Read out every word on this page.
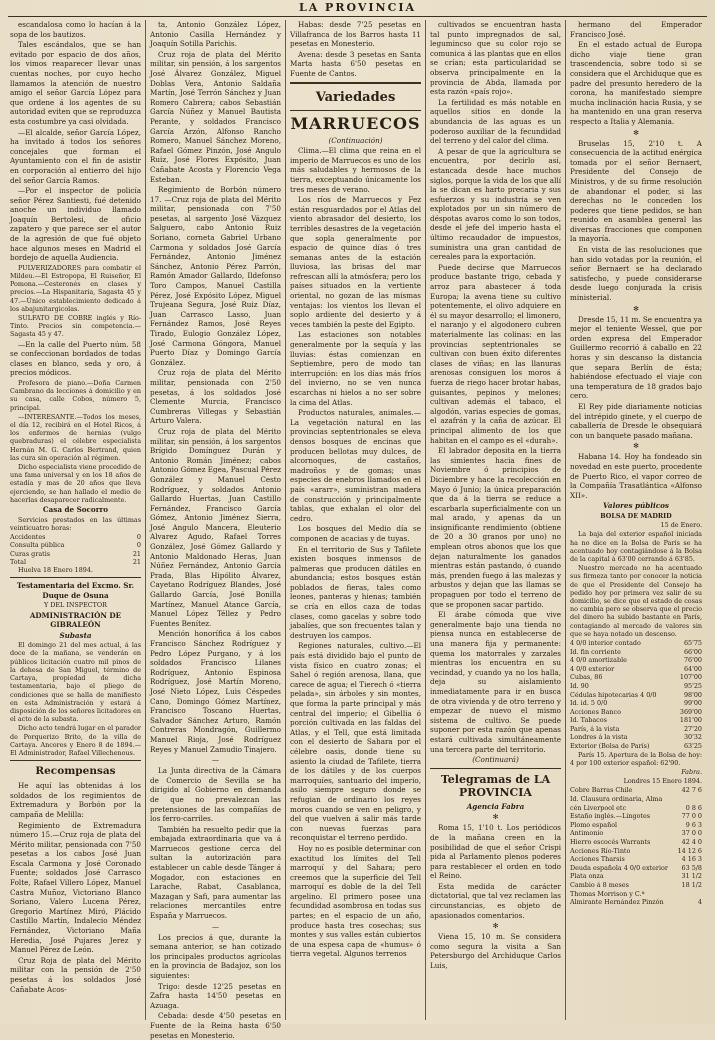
LA PROVINCIA

escandalosa como lo hacían á la sopa de los bautizos.

Tales escándalos, que se han evitado por espacio de dos años, los vimos reaparecer llevar unas cuentas noches, por cuyo hecho llamamos la atención de nuestro amigo el señor García López para que ordene á los agentes de su autoridad eviten que se reproduzca esta costumbre ya casi olvidada.

—El alcalde, señor García López, ha invitado á todos los señores concejales que forman el Ayuntamiento con el fin de asistir en corporación al entierro del hijo del señor García Ramos.

—Por el inspector de policía señor Pérez Santiesti, fué detenido anoche un individuo llamado Joaquín Bertolesi, de oficio zapatero y que parece ser el autor de la agresión de que fué objeto hace algunos meses en Madrid el bordejo de aquella Audiencia.

PULVERIZADORES para combatir el Mildeu.—El Estropopa, El Ruiseñor, El Pomona.—Cesteronés en clases y precios.—La Hispanitaria, Sagasta 45 y 47.—Único establecimiento dedicado á los abajunitargicolas.

SULFATO DE COBRE inglés y Río-Tinto. Precios sin competencia.—Sagasta 45 y 47.

—En la calle del Puerto núm. 58 se confeccionan bordados de todas clases en blanco, seda y oro, á precios módicos.

Profesora de piano.—Doña Carmen Cambrano da lecciones á domicilio y en su casa, calle Cobos, número 5, principal.

—INTERESANTE.—Todos los meses, el día 12, recibirá en el Hotel Ricos, á los enfermos de hernias (vulgo quebraduras) el célebre especialista Hernán M. G. Carlos Bertrand, quien las cura sin operación al régimen.

Dicho especialista viene procedido de una fama universal y en los 18 años de estadía y mas de 20 años que lleva ejerciendo, se han hallado el medio de hacerlas desaparecer radicalmente.

Casa de Socorro

Servicios prestados en las últimas veinticuatro horas:

Accidentes	0
Consulta pública	0
Curas gratis	21
Total	21

Huelva 18 Enero 1894.

Testamentaria del Excmo. Sr. Duque de Osuna

Y DEL INSPECTOR

ADMINISTRACIÓN DE GIBRALEÓN

Subasta

El domingo 21 del mes actual, á las doce de la mañana, se venderán en públicos licitación cuatro mil pinos de la dehesa de San Miguel, término de Cartaya, propiedad de dicha testamentaria, bajo el pliego de condiciones que se halla de manifiesto en esta Administración y estará á disposición de los señores licitadores en el acto de la subasta.

Dicho acto tendrá lugar en el parador de Porquerizo Brito, de la villa de Cartaya. Ancores y Enero 8 de 1894.—El Administrador, Rafael Villechenous.

Recompensas

He aquí las obtenidas á los soldados de los regimientos de Extremadura y Borbón por la campaña de Melilla:

Regimiento de Extremadura número 15.—Cruz roja de plata del Mérito militar, pensionada con 7'50 pesetas a los cabos José Juan Escala Carmona y José Coronado Fuente; soldados José Carrasco Folte, Rafael Villero López, Manuel Castra Muñoz, Victoriano Blanco Soriano, Valero Lucena Pérez, Gregorio Martínez Miró, Plácido Castillo Martín, Indalecio Méndez Fernández, Victoriano Maña Heredia, José Pujares Jerez y Manuel Pérez de León.

Cruz Roja de plata del Mérito militar con la pensión de 2'50 pesetas á los soldados José Cañabate Acos-

ta, Antonio González López, Antonio Casilla Hernández y Joaquín Sotilla Parichis.

Cruz roja de plata del Mérito militar, sin pensión, á los sargentos José Álvarez González, Miguel Doblas Vera, Antonio Saldaña Martín, José Terrón Sánchez y Juan Romero Cabrera; cabos Sebastián García Núñez y Manuel Bautista Perante, y soldados Francisco García Arzón, Alfonso Rancho Romero, Manuel Sánchez Moreno, Rafael Gómez Pinzón, José Angulo Ruiz, José Flores Expósito, Juan Cañabate Acosta y Florencio Vega Esteban.

Regimiento de Borbón número 17. —Cruz roja de plata del Mérito militar, pensionada con 7'50 pesetas, al sargento José Vázquez Salguero, cabo Antonio Ruiz Soriano, corneta Gabriel Urbano Carmona y soldados José García Fernández, Antonio Jiménez Sánchez, Antonio Pérez Parrón, Ramón Amador Gallardo, Ildefonso Toro Campos, Manuel Castilla Pérez, José Expósito López, Miguel Trujeana Segura, José Ruiz Díaz, Juan Carrasco Lasso, Juan Fernández Ramos, José Reyes Tirado, Eulogio González López, José Carmona Góngora, Manuel Puerto Díaz y Domingo García González.

Cruz roja de plata del Mérito militar, pensionada con 2'50 pesetas, á los soldados José Clemente Murcia, Francisco Cumbreras Villegas y Sebastián Arturo Valera.

Cruz roja de plata del Mérito militar, sin pensión, á los sargentos Brígido Domínguez Durán y Antonio Román Jiménez; cabos Antonio Gómez Egea, Pascual Pérez González y Manuel Cesto Rodríguez, y soldados Antonio Gallardo Huertas, Juan Castillo Fernández, Francisco García Gómez, Antonio Jiménez Sierra, José Angulo Mancera, Eleuterio Alvarez Agudo, Rafael Torres González, José Gómez Gallardo y Antonio Maldonado Heras, Juan Núñez Fernández, Antonio García Prada, Blas Hipólito Álvarez, Cayetano Rodríguez Blandes, José Gallardo García, José Bonilla Martínez, Manuel Atance García, Manuel López Téllez y Pedro Fuentes Benítez.

Mención honorífica á los cabos Francisco Sánchez Rodríguez y Pedro López Purgano, y á los soldados Francisco Lilanes Rodríguez, Antonio Espinosa Rodríguez, José Martín Moreno, José Nieto López, Luis Céspedes Cano, Domingo Gómez Martínez, Francisco Toscano Huertas, Salvador Sánchez Arturo, Ramón Contreras Mondragón, Guillermo Manuel Rioja, José Rodríguez Reyes y Manuel Zamudio Tinajero.

—

La Junta directiva de la Cámara de Comercio de Sevilla se ha dirigido al Gobierno en demanda de que no prevalezcan las pretensiones de las compañías de los ferro-carriles.

También ha resuelto pedir que la embajada extraordinaria que va á Marruecos gestione cerca del sultan la autorización para establecer un cable desde Tánger á Mogador, con estaciones en Larache, Rabat, Casablanca, Mazagan y Safi, para aumentar las relaciones mercantiles entre España y Marruecos.

—

Los precios á que, durante la semana anterior, se han cotizado los principales productos agrícolas en la provincia de Badajoz, son los siguientes:

Trigo: desde 12'25 pesetas en Zafra hasta 14'50 pesetas en Azuaga.

Cebada: desde 4'50 pesetas en Fuente de la Reina hasta 6'50 pesetas en Monesterio.

Habas: desde 7'25 pesetas en Villafranca de los Barros hasta 11 pesetas en Monesterio.

Avena: desde 3 pesetas en Santa Marta hasta 6'50 pesetas en Fuente de Cantos.

Variedades
MARRUECOS

(Continuación)

Clima.—El clima que reina en el imperio de Marruecos es uno de los más saludables y hermosos de la tierra, exceptuando únicamente los tres meses de verano.

Los ríos de Marruecos y Fez están resguardados por el Atlas del viento abrasador del desierto, los terribles desastres de la vegetación que sopla generalmente por espacio de quince días ó tres semanas antes de la estación lluviosa, las brisas del mar refrescan allí la atmósfera; pero los países situados en la vertiente oriental, no gozan de las mismas ventajas: los vientos los llevan el soplo ardiente del desierto y á veces también la peste del Egipto.

Las estaciones son notables generalmente por la sequía y las lluvias: éstas comienzan en Septiembre, pero de modo tan interrupción: en los días más fríos del invierno, no se ven nunca escarchas ni hielos a no ser sobre la cima del Atlas.

Productos naturales, animales.—La vegetación natural en las provincias septentrionales se eleva densos bosques de encinas que producen bellotas muy dulces, de alcornoques, de castaños, madroños y de gomas; unas especies de enebros llamados en el país «ararr», suministran madera de construcción y principalmente tablas, que exhalan el olor del cedro.

Los bosques del Medio día se componen de acacias y de tuyas.

En el territorio de Sus y Tafilete existen bosques inmensos de palmeras que producen dátiles en abundancia; estos bosques están poblados de fieras, tales como leones, panteras y hienas; también se cría en ellos caza de todas clases, como gacelas y sobre todo jabalíes, que son frecuentes talan y destruyen los campos.

Regiones naturales, cultivo.—El país está dividido bajo el punto de vista físico en cuatro zonas; el Sahel ó región arenosa, llana, que carece de agua; el Tierech ó «tierra pelada», sin árboles y sin montes, que forma la parte principal y más central del imperio; el Gibellia ó porción cultivada en las faldas del Atlas, y el Tell, que está limitada con el desierto de Sahara por el célebre oasis, donde tiene su asiento la ciudad de Tafilete, tierra de los dátiles y de los cuerpos marroquíes, santuario del imperio, asilo siempre seguro donde se refugian de ordinario los reyes moros cuando se ven en peligro, y del que vuelven á salir más tarde con nuevas fuerzas para reconquistar el terreno perdido.

Hoy no es posible determinar con exactitud los límites del Tell marroquí y del Sahara; pero creemos que la superficie del Tell marroquí es doble de la del Tell argelino. El primero posee una fecundidad asombrosa en todas sus partes; en el espacio de un año, produce hasta tres cosechas; sus montes y sus valles están cubiertos de una espesa capa de «humus» ó tierra vegetal. Algunos terrenos

cultivados se encuentran hasta tal punto impregnados de sal, legumincso que su color rojo se comunica á las plantas que en ellos se crían; esta particularidad se observa principalmente en la provincia de Abda, llamada por esta razón «país rojo».

La fertilidad es más notable en aquellos sitios en donde la abundancia de las aguas es un poderoso auxiliar de la fecundidad del terreno y del calor del clima.

A pesar de que la agricultura se encuentra, por decirlo así, estancada desde hace muchos siglos, porque la vida de los que allí la se dican es harto precaria y sus esfuerzos y su industria se ven explotados por un sin número de déspotas avaros como lo son todos, desde el jefe del imperio hasta el último recaudador de impuestos, suministra una gran cantidad de cereales para la exportación.

Puede decirse que Marruecos produce bastante trigo, cebada y arroz para abastecer á toda Europa; la avena tiene su cultivo potentemente, el olivo adquiere en él su mayor desarrollo; el limonero, el naranjo y el algodonero cubren materialmente las colinas: en las provincias septentrionales se cultivan con buen éxito diferentes clases de viñas; en las llanuras arenosas consiguen los moros á fuerza de riego hacer brotar habas, guisantes, pepinos y melones; cultivan además el tabaco, el algodón, varias especies de gomas, el azafrán y la caña de azúcar. El principal alimento de los que habitan en el campo es el «durah».

El labrador deposita en la tierra las simientes hacia fines de Noviembre ó principios de Diciembre y hace la recolección en Mayo ó Junio; la única preparación que da á la tierra se reduce a escarbarla superficialmente con un mal arado, y apenas da un insignificante rendimiento (obtiene de 20 a 30 granos por uno) no emplean otros abonos que los que dejan naturalmente los ganados mientras están pastando, ó cuando más, prenden fuego á las malezas y arbustos y dejan que las llamas se propaguen por todo el terreno de que se proponen sacar partido.

El árabe cómoda que vive generalmente bajo una tienda no piensa nunca en establecerse de una manera fija y permanente: quema los matorrales y zarzales mientras los encuentra en su vecindad, y cuando ya no los halla, deja su aislamiento inmediatamente para ir en busca de otra vivienda y de otro terreno y empezar de nuevo el mismo sistema de cultivo. Se puede suponer por esta razón que apenas estará cultivada simultáneamente una tercera parte del territorio.

(Continuará)

Telegramas de LA PROVINCIA

Agencia Fabra

✻

Roma 15, 1'10 t. Los periódicos de la mañana creen en la posibilidad de que el señor Crispi pida al Parlamento plenos poderes para restablecer el orden en todo el Reino.

Esta medida de carácter dictatorial, que tal vez reclamen las circunstancias, es objeto de apasionados comentarios.

✻

Viena 15, 10 m. Se considera como segura la visita a San Petersburgo del Archiduque Carlos Luis,

hermano del Emperador Francisco José.

En el estado actual de Europa dicho viaje tiene gran trascendencia, sobre todo si se considera que el Archiduque que es padre del presunto heredero de la corona, ha manifestado siempre mucha inclinación hacia Rusia, y se ha mantenido en una gran reserva respecto a Italia y Alemania.

✻

Bruselas 15, 2'10 t. A consecuencia de la actitud enérgica tomada por el señor Bernaert, Presidente del Consejo de Ministros, y de su firme resolución de abandonar el poder, si las derechas no le conceden los poderes que tiene pedidos, se han reunido en asamblea general las diversas fracciones que componen la mayoría.

En vista de las resoluciones que han sido votadas por la reunión, el señor Bernaert se ha declarado satisfecho, y puede considerarse desde luego conjurada la crisis ministerial.

✻

Dresde 15, 11 m. Se encuentra ya mejor el teniente Wessel, que por orden expresa del Emperador Guillermo recorrió á caballo en 22 horas y sin descanso la distancia que separa Berlín de ésta; habiéndose efectuado el viaje con una temperatura de 18 grados bajo cero.

El Rey pide diariamente noticias del intrépido ginete, y el cuerpo de caballería de Dresde le obsequiará con un banquete pasado mañana.

✻

Habana 14. Hoy ha fondeado sin novedad en este puerto, procedente de Puerto Rico, el vapor correo de la Compañía Trasatlántica «Alfonso XII».

Valores públicos

BOLSA DE MADRID

15 de Enero.

La baja del exterior español iniciada ha no dice en la Bolsa de París se ha acentuado hoy contagiándose á la Bolsa de la capital á 63'00 cerrando á 63'85.

Nuestro mercado no ha acentuado sus firmeza tanto por conocer la noticia de que el Presidente del Consejo ha pedido hoy por primera vez salir de su domicilio, se dice que el estado de cosas no cambia pero se observa que el precio del dinero ha subido bastante en París, contagiando al mercado de valores sin que se haya notado un descenso.

4 0/0 interior contado	65'75
Id. fin corriente	66'00
4 0/0 amortizable	76'00
4 0/0 exterior	64'00
Cubas, 86	107'00
Id. 90	95'25
Cédulas hipotecarias 4 0/0	98'00
Id. id. 5 0/0	99'00
Acciones Banco	369'00
Id. Tabacos	181'00
París, á la vista	27'20
Londres á la vista	30'32
Exterior (Bolsa de París)	63'25

París 15. Apertura de la Bolsa de hoy: 4 por 100 exterior español: 62'90.

Fabra.

Londres 15 Enero 1894.

Cobre Barras Chile	42 7 6
Id. Clausura ordinaria, Alma
cén Liverpool etc	0 8 6
Estaño inglés.—Lingotes	77 0 0
Plomo español	9 6 3
Antimonio	37 0 0
Hierro escocés Warrants	42 4 0
Acciones Río-Tinto	14 12 6
Acciones Tharsis	4 16 3
Deuda española 4 0/0 exterior 63 5/8
Plata onza	31 1/2
Cambio á 8 meses	18 1/2
Thomas Morrison y C.ª
Almirante Hernández Pinzón	4
